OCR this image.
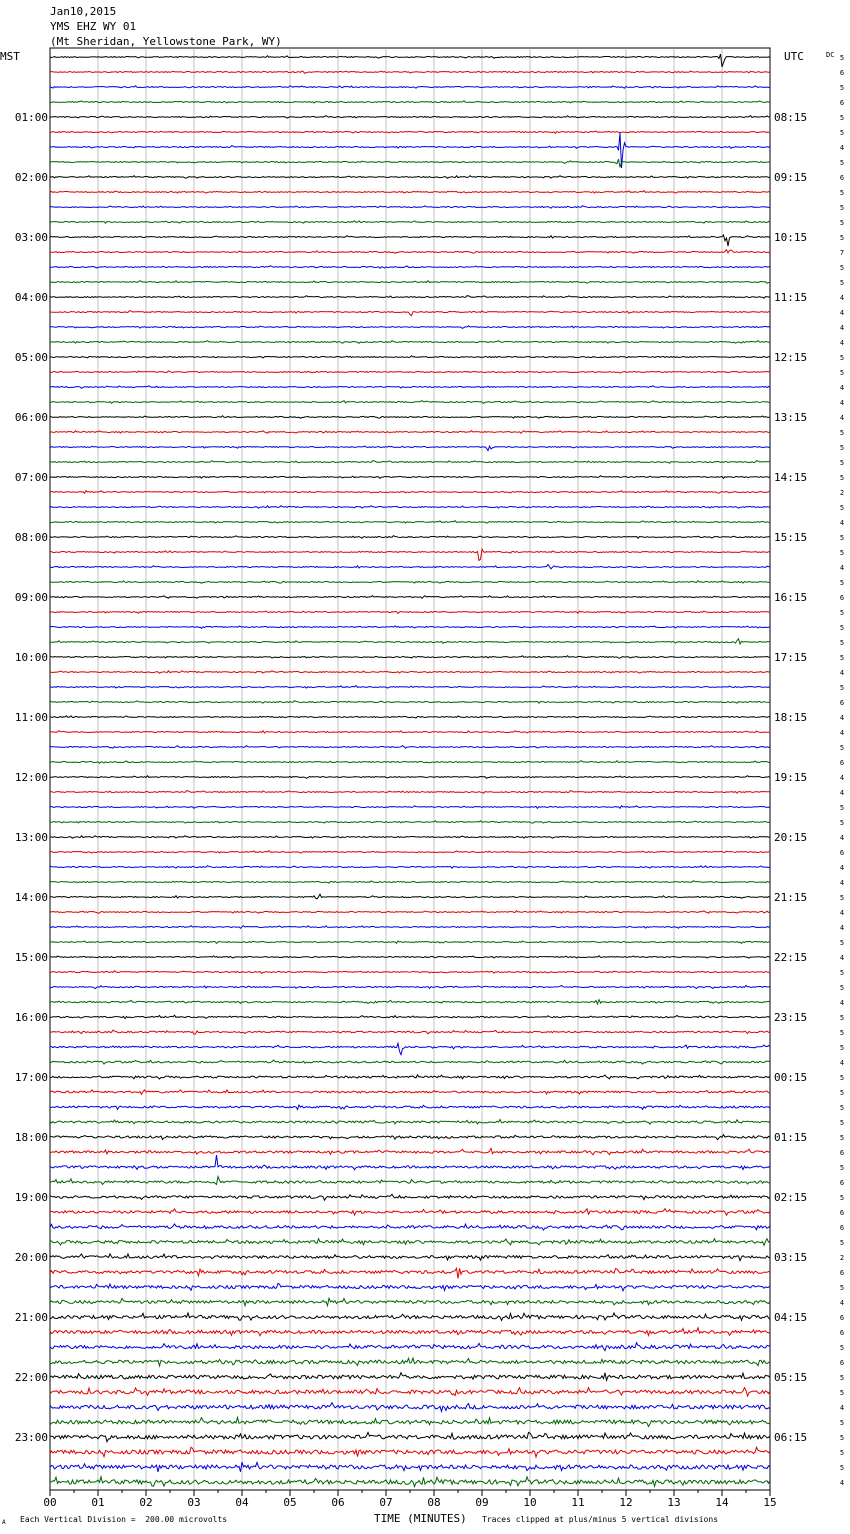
Jan10,2015
YMS EHZ WY 01
(Mt Sheridan, Yellowstone Park, WY)
MST	UTC	DC
00	01	02	03	04	05	06	07	08	09	10	11	12	13	14	15
5
6
5
6
5
5
4
5
6
5
5
5
5
7
5
5
4
4
4
4
5
5
4
4
4
5
5
5
5
2
5
4
5
5
4
5
6
5
5
5
5
4
5
6
4
4
5
6
4
4
5
5
4
6
4
4
5
4
4
5
4
5
5
4
5
5
5
4
5
5
5
5
5
6
5
6
5
6
6
5
2
6
5
4
6
6
5
6
5
5
4
5
5
5
5
4
01:00
02:00
03:00
04:00
05:00
06:00
07:00
08:00
09:00
10:00
11:00
12:00
13:00
14:00
15:00
16:00
17:00
18:00
19:00
20:00
21:00
22:00
23:00
08:15
09:15
10:15
11:15
12:15
13:15
14:15
15:15
16:15
17:15
18:15
19:15
20:15
21:15
22:15
23:15
00:15
01:15
02:15
03:15
04:15
05:15
06:15
A Each Vertical Division =  200.00 microvolts	TIME (MINUTES) Traces clipped at plus/minus 5 vertical divisions
